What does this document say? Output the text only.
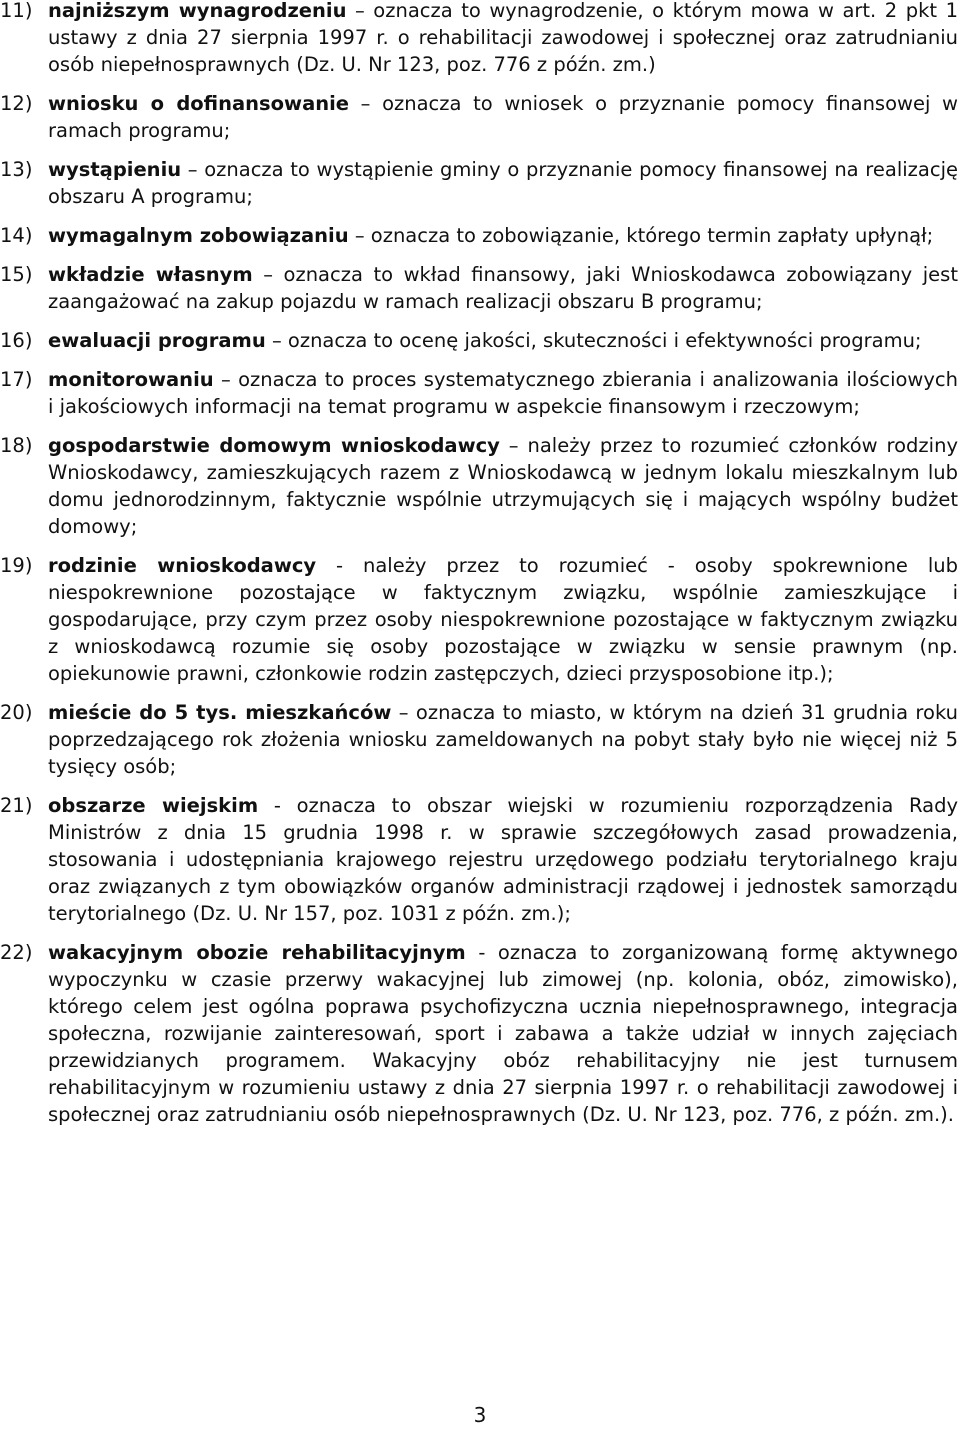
11) najniższym wynagrodzeniu – oznacza to wynagrodzenie, o którym mowa w art. 2 pkt 1 ustawy z dnia 27 sierpnia 1997 r. o rehabilitacji zawodowej i społecznej oraz zatrudnianiu osób niepełnosprawnych (Dz. U. Nr 123, poz. 776 z późn. zm.)
12) wniosku o dofinansowanie – oznacza to wniosek o przyznanie pomocy finansowej w ramach programu;
13) wystąpieniu – oznacza to wystąpienie gminy o przyznanie pomocy finansowej na realizację obszaru A programu;
14) wymagalnym zobowiązaniu – oznacza to zobowiązanie, którego termin zapłaty upłynął;
15) wkładzie własnym – oznacza to wkład finansowy, jaki Wnioskodawca zobowiązany jest zaangażować na zakup pojazdu w ramach realizacji obszaru B programu;
16) ewaluacji programu – oznacza to ocenę jakości, skuteczności i efektywności programu;
17) monitorowaniu – oznacza to proces systematycznego zbierania i analizowania ilościowych i jakościowych informacji na temat programu w aspekcie finansowym i rzeczowym;
18) gospodarstwie domowym wnioskodawcy – należy przez to rozumieć członków rodziny Wnioskodawcy, zamieszkujących razem z Wnioskodawcą w jednym lokalu mieszkalnym lub domu jednorodzinnym, faktycznie wspólnie utrzymujących się i mających wspólny budżet domowy;
19) rodzinie wnioskodawcy - należy przez to rozumieć - osoby spokrewnione lub niespokrewnione pozostające w faktycznym związku, wspólnie zamieszkujące i gospodarujące, przy czym przez osoby niespokrewnione pozostające w faktycznym związku z wnioskodawcą rozumie się osoby pozostające w związku w sensie prawnym (np. opiekunowie prawni, członkowie rodzin zastępczych, dzieci przysposobione itp.);
20) mieście do 5 tys. mieszkańców – oznacza to miasto, w którym na dzień 31 grudnia roku poprzedzającego rok złożenia wniosku zameldowanych na pobyt stały było nie więcej niż 5 tysięcy osób;
21) obszarze wiejskim - oznacza to obszar wiejski w rozumieniu rozporządzenia Rady Ministrów z dnia 15 grudnia 1998 r. w sprawie szczegółowych zasad prowadzenia, stosowania i udostępniania krajowego rejestru urzędowego podziału terytorialnego kraju oraz związanych z tym obowiązków organów administracji rządowej i jednostek samorządu terytorialnego (Dz. U. Nr 157, poz. 1031 z późn. zm.);
22) wakacyjnym obozie rehabilitacyjnym - oznacza to zorganizowaną formę aktywnego wypoczynku w czasie przerwy wakacyjnej lub zimowej (np. kolonia, obóz, zimowisko), którego celem jest ogólna poprawa psychofizyczna ucznia niepełnosprawnego, integracja społeczna, rozwijanie zainteresowań, sport i zabawa a także udział w innych zajęciach przewidzianych programem. Wakacyjny obóz rehabilitacyjny nie jest turnusem rehabilitacyjnym w rozumieniu ustawy z dnia 27 sierpnia 1997 r. o rehabilitacji zawodowej i społecznej oraz zatrudnianiu osób niepełnosprawnych (Dz. U. Nr 123, poz. 776, z późn. zm.).
3
